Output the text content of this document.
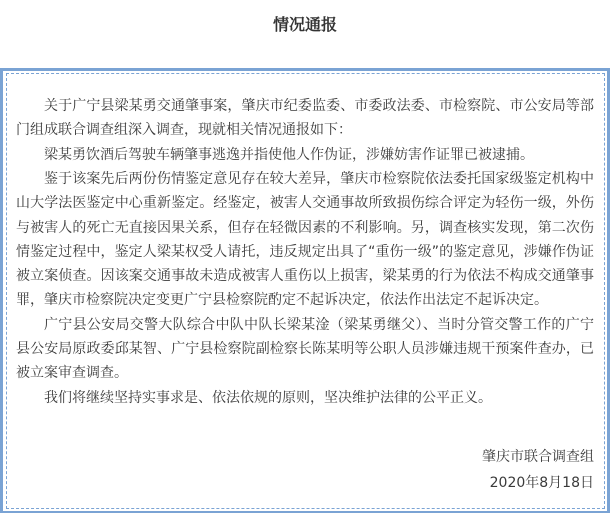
情况通报
关于广宁县梁某勇交通肇事案，肇庆市纪委监委、市委政法委、市检察院、市公安局等部
门组成联合调查组深入调查，现就相关情况通报如下：
梁某勇饮酒后驾驶车辆肇事逃逸并指使他人作伪证，涉嫌妨害作证罪已被逮捕。
鉴于该案先后两份伤情鉴定意见存在较大差异，肇庆市检察院依法委托国家级鉴定机构中
山大学法医鉴定中心重新鉴定。经鉴定，被害人交通事故所致损伤综合评定为轻伤一级，外伤
与被害人的死亡无直接因果关系，但存在轻微因素的不利影响。另，调查核实发现，第二次伤
情鉴定过程中，鉴定人梁某权受人请托，违反规定出具了“重伤一级”的鉴定意见，涉嫌作伪证
被立案侦查。因该案交通事故未造成被害人重伤以上损害，梁某勇的行为依法不构成交通肇事
罪，肇庆市检察院决定变更广宁县检察院酌定不起诉决定，依法作出法定不起诉决定。
广宁县公安局交警大队综合中队中队长梁某淦（梁某勇继父）、当时分管交警工作的广宁
县公安局原政委邱某智、广宁县检察院副检察长陈某明等公职人员涉嫌违规干预案件查办，已
被立案审查调查。
我们将继续坚持实事求是、依法依规的原则，坚决维护法律的公平正义。
肇庆市联合调查组
2020年8月18日
